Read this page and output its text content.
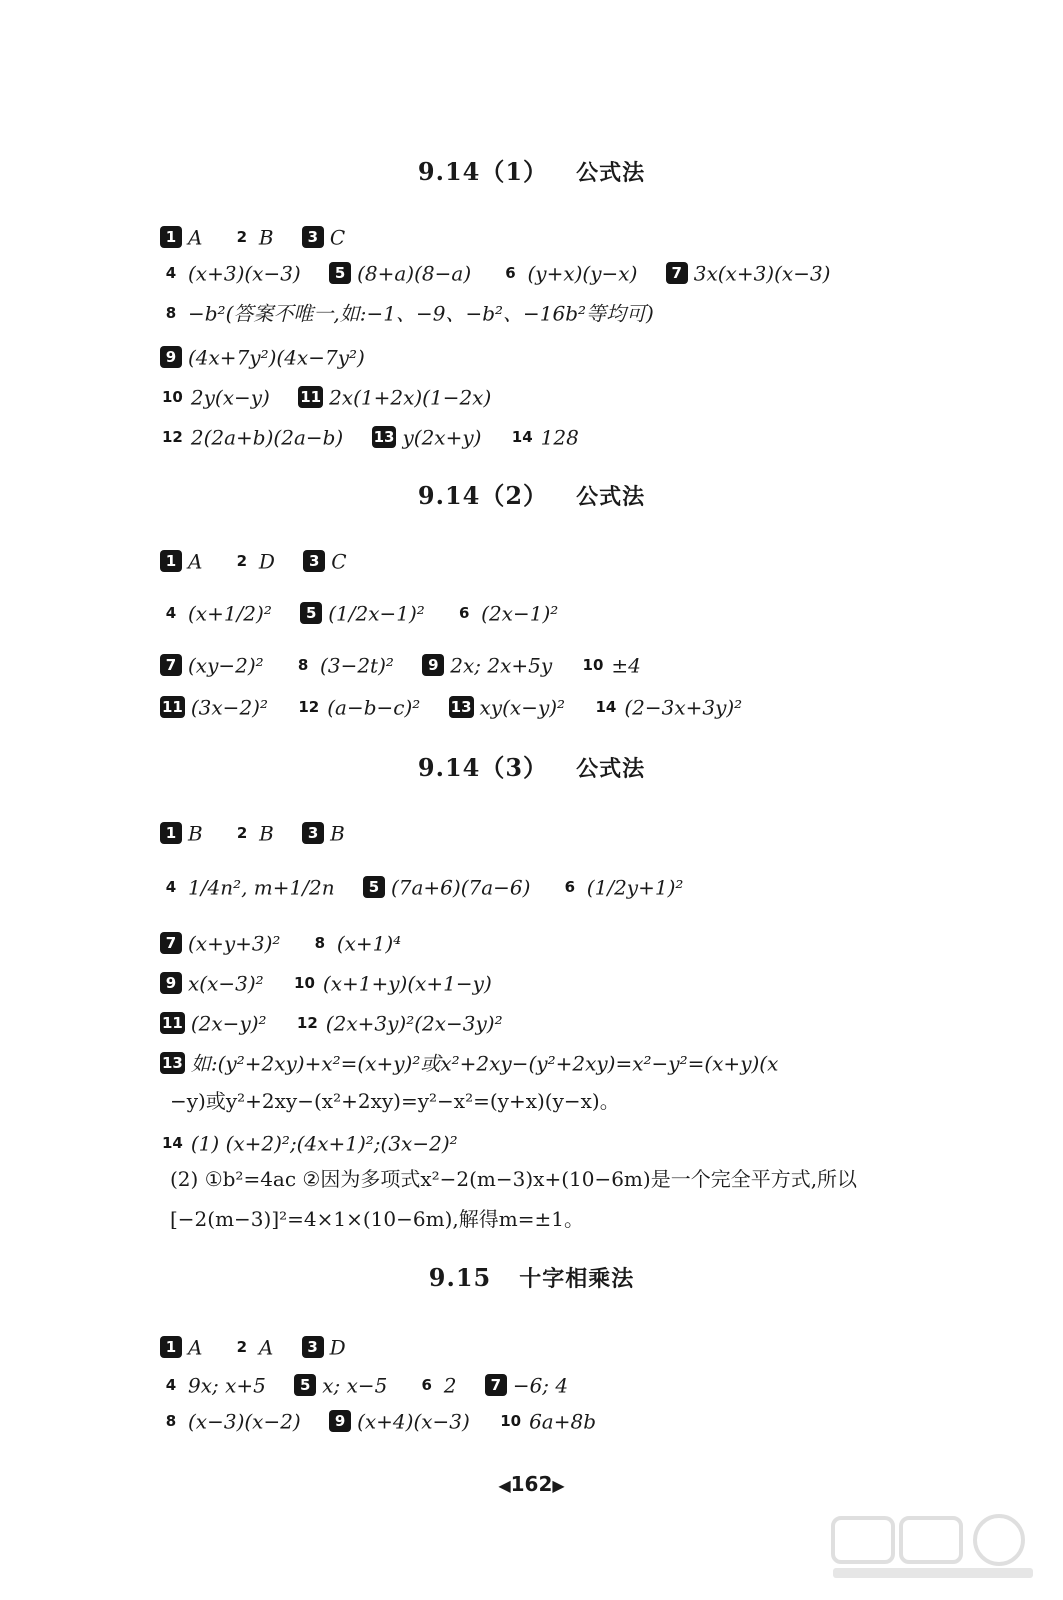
9.14（1） 公式法
1 A 2 B 3 C
4 (x+3)(x−3) 5 (8+a)(8−a) 6 (y+x)(y−x) 7 3x(x+3)(x−3)
8 −b²(答案不唯一,如:−1、−9、−b²、−16b²等均可)
9 (4x+7y²)(4x−7y²)
10 2y(x−y) 11 2x(1+2x)(1−2x)
12 2(2a+b)(2a−b) 13 y(2x+y) 14 128
9.14（2） 公式法
1 A 2 D 3 C
4 (x+1/2)² 5 (1/2x−1)² 6 (2x−1)²
7 (xy−2)² 8 (3−2t)² 9 2x; 2x+5y 10 ±4
11 (3x−2)² 12 (a−b−c)² 13 xy(x−y)² 14 (2−3x+3y)²
9.14（3） 公式法
1 B 2 B 3 B
4 1/4n², m+1/2n 5 (7a+6)(7a−6) 6 (1/2y+1)²
7 (x+y+3)² 8 (x+1)⁴
9 x(x−3)² 10 (x+1+y)(x+1−y)
11 (2x−y)² 12 (2x+3y)²(2x−3y)²
13 如:(y²+2xy)+x²=(x+y)²或x²+2xy−(y²+2xy)=x²−y²=(x+y)(x
−y)或y²+2xy−(x²+2xy)=y²−x²=(y+x)(y−x)。
14 (1) (x+2)²;(4x+1)²;(3x−2)²
(2) ①b²=4ac ②因为多项式x²−2(m−3)x+(10−6m)是一个完全平方式,所以
[−2(m−3)]²=4×1×(10−6m),解得m=±1。
9.15 十字相乘法
1 A 2 A 3 D
4 9x; x+5 5 x; x−5 6 2 7 −6; 4
8 (x−3)(x−2) 9 (x+4)(x−3) 10 6a+8b
◀162▶
